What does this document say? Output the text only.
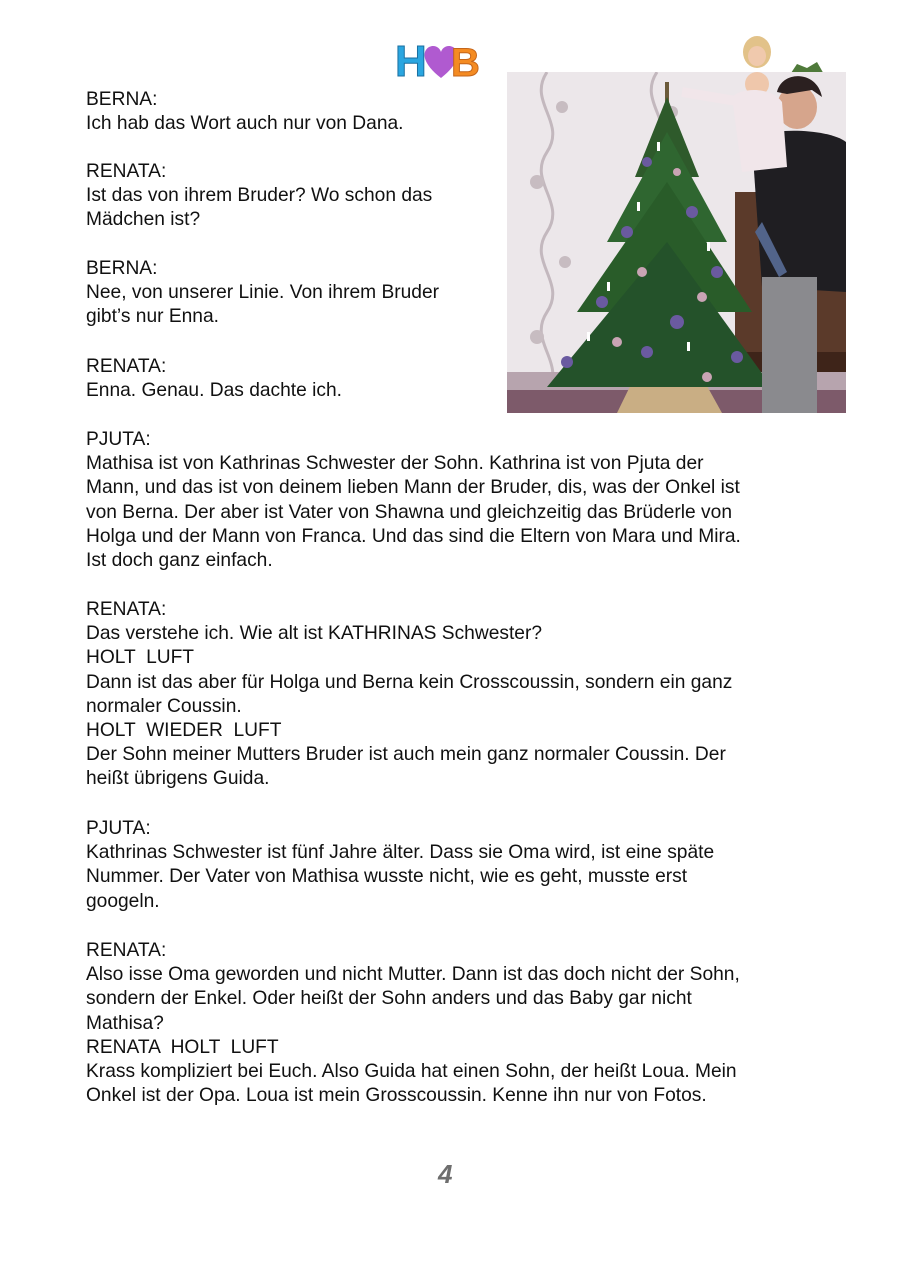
H B
BERNA:
Ich hab das Wort auch nur von Dana.
RENATA:
Ist das von ihrem Bruder? Wo schon das
Mädchen ist?
BERNA:
Nee, von unserer Linie. Von ihrem Bruder
gibt’s nur Enna.
RENATA:
Enna. Genau. Das dachte ich.
PJUTA:
Mathisa ist von Kathrinas Schwester der Sohn. Kathrina ist von Pjuta der
Mann, und das ist von deinem lieben Mann der Bruder, dis, was der Onkel ist
von Berna. Der aber ist Vater von Shawna und gleichzeitig das Brüderle von
Holga und der Mann von Franca. Und das sind die Eltern von Mara und Mira.
Ist doch ganz einfach.
RENATA:
Das verstehe ich. Wie alt ist KATHRINAS Schwester?
HOLT  LUFT
Dann ist das aber für Holga und Berna kein Crosscoussin, sondern ein ganz
normaler Coussin.
HOLT  WIEDER  LUFT
Der Sohn meiner Mutters Bruder ist auch mein ganz normaler Coussin. Der
heißt übrigens Guida.
PJUTA:
Kathrinas Schwester ist fünf Jahre älter. Dass sie Oma wird, ist eine späte
Nummer. Der Vater von Mathisa wusste nicht, wie es geht, musste erst
googeln.
RENATA:
Also isse Oma geworden und nicht Mutter. Dann ist das doch nicht der Sohn,
sondern der Enkel. Oder heißt der Sohn anders und das Baby gar nicht
Mathisa?
RENATA  HOLT  LUFT
Krass kompliziert bei Euch. Also Guida hat einen Sohn, der heißt Loua. Mein
Onkel ist der Opa. Loua ist mein Grosscoussin. Kenne ihn nur von Fotos.
4
